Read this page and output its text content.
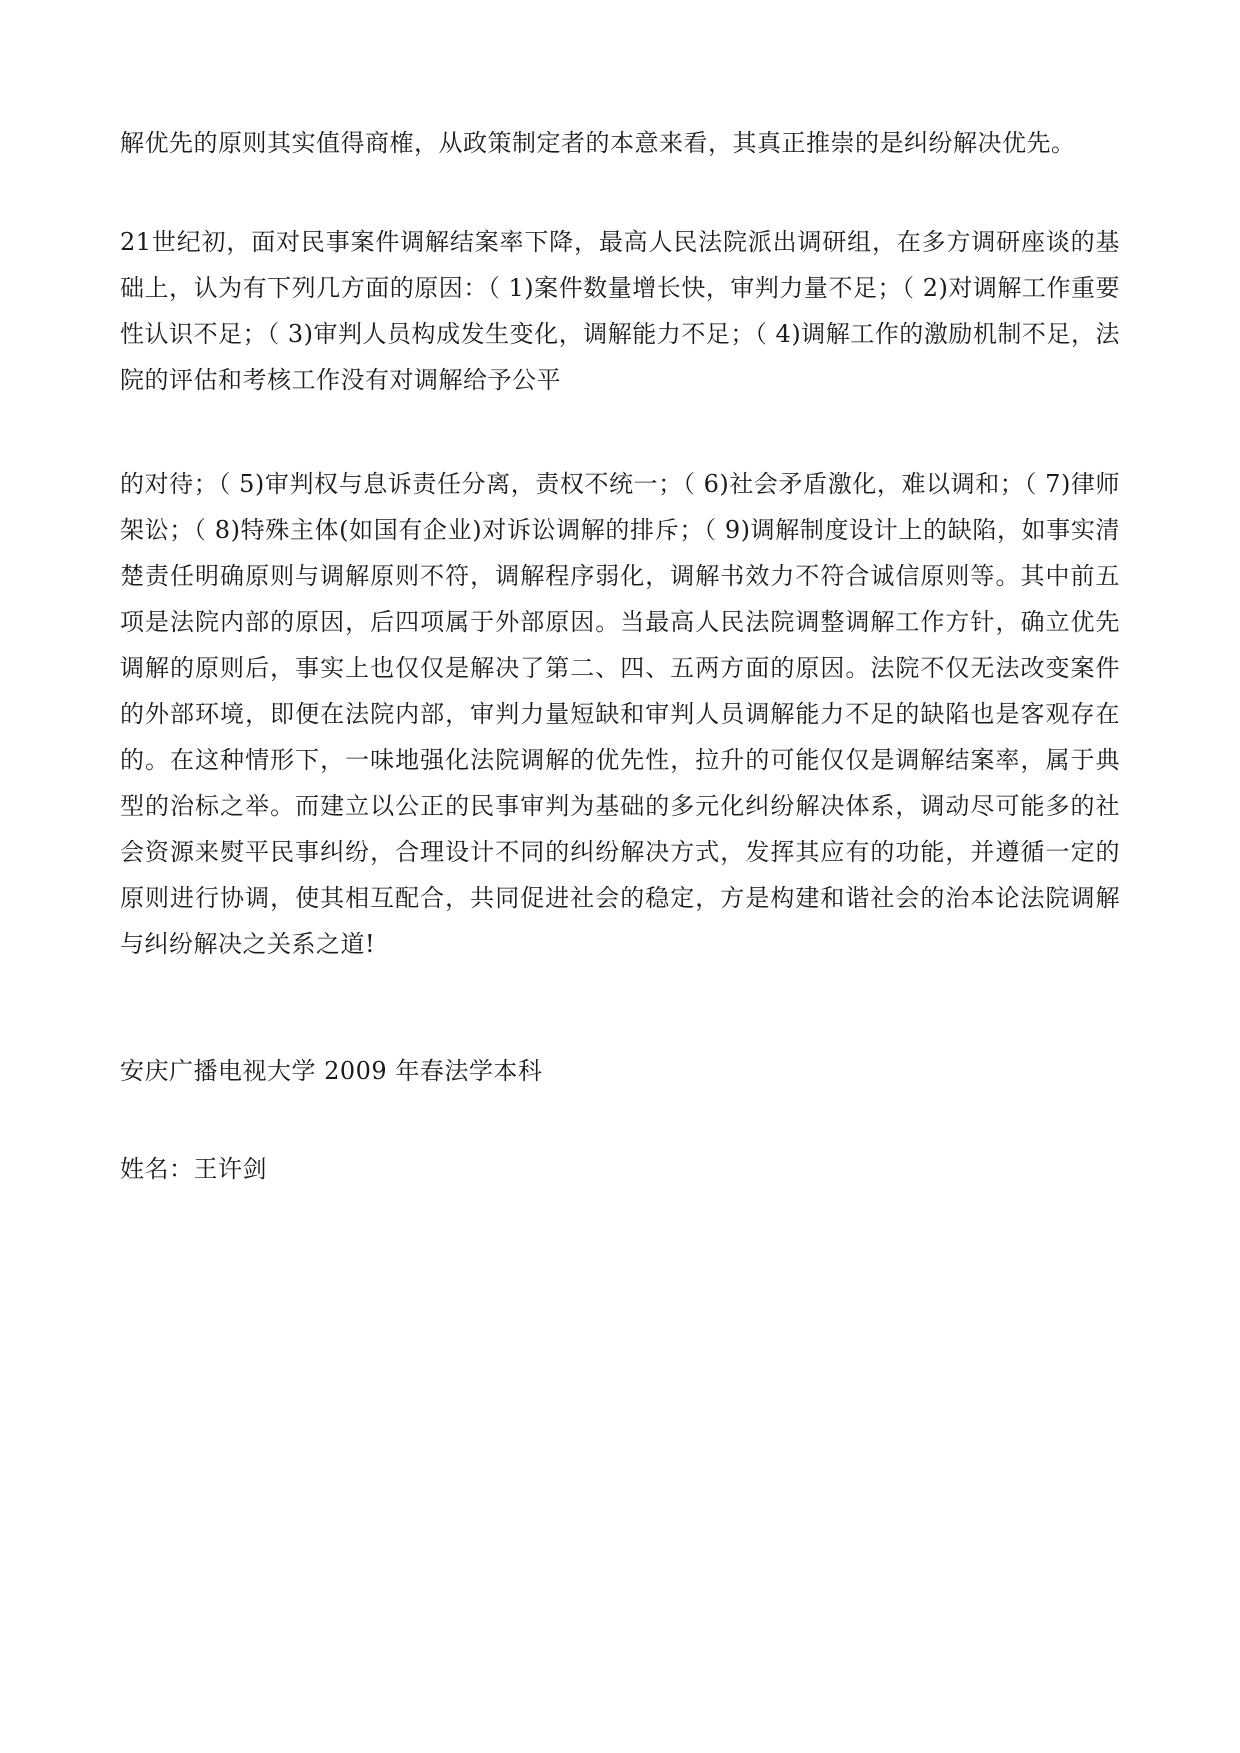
解优先的原则其实值得商榷，从政策制定者的本意来看，其真正推崇的是纠纷解决优先。

21世纪初，面对民事案件调解结案率下降，最高人民法院派出调研组，在多方调研座谈的基础上，认为有下列几方面的原因：（ 1)案件数量增长快，审判力量不足；（ 2)对调解工作重要性认识不足；（ 3)审判人员构成发生变化，调解能力不足；（ 4)调解工作的激励机制不足，法院的评估和考核工作没有对调解给予公平

的对待；（ 5)审判权与息诉责任分离，责权不统一；（ 6)社会矛盾激化，难以调和；（ 7)律师架讼；（ 8)特殊主体(如国有企业)对诉讼调解的排斥；（ 9)调解制度设计上的缺陷，如事实清楚责任明确原则与调解原则不符，调解程序弱化，调解书效力不符合诚信原则等。其中前五项是法院内部的原因，后四项属于外部原因。当最高人民法院调整调解工作方针，确立优先调解的原则后，事实上也仅仅是解决了第二、四、五两方面的原因。法院不仅无法改变案件的外部环境，即便在法院内部，审判力量短缺和审判人员调解能力不足的缺陷也是客观存在的。在这种情形下，一味地强化法院调解的优先性，拉升的可能仅仅是调解结案率，属于典型的治标之举。而建立以公正的民事审判为基础的多元化纠纷解决体系，调动尽可能多的社会资源来熨平民事纠纷，合理设计不同的纠纷解决方式，发挥其应有的功能，并遵循一定的原则进行协调，使其相互配合，共同促进社会的稳定，方是构建和谐社会的治本论法院调解与纠纷解决之关系之道!

安庆广播电视大学 2009 年春法学本科

姓名：王许剑
